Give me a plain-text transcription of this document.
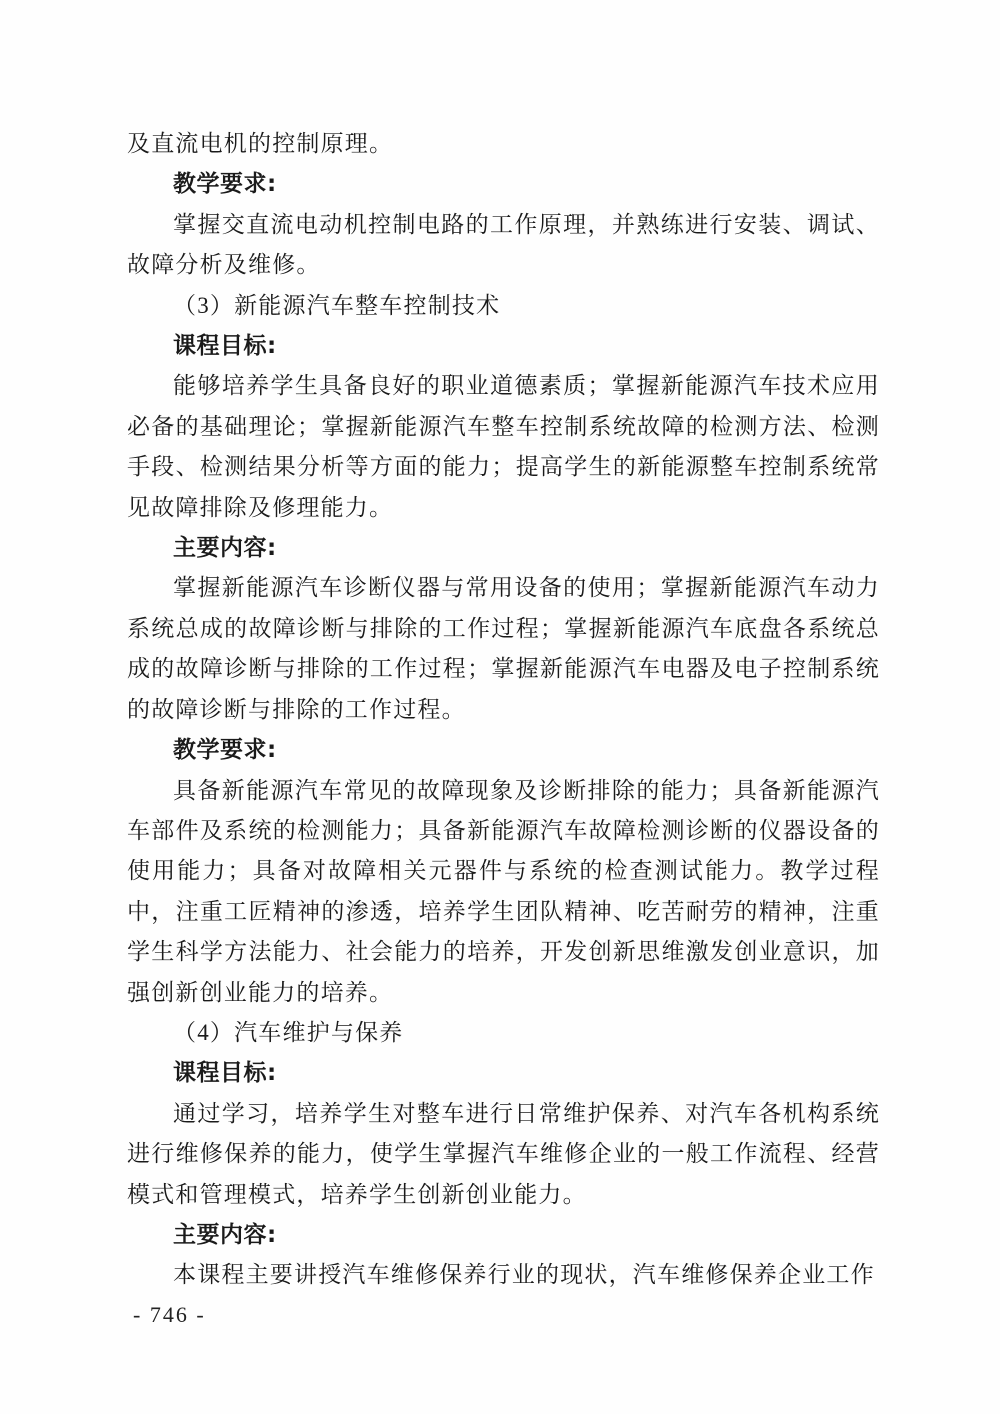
及直流电机的控制原理。

教学要求:

掌握交直流电动机控制电路的工作原理，并熟练进行安装、调试、故障分析及维修。

（3）新能源汽车整车控制技术

课程目标:

能够培养学生具备良好的职业道德素质；掌握新能源汽车技术应用必备的基础理论；掌握新能源汽车整车控制系统故障的检测方法、检测手段、检测结果分析等方面的能力；提高学生的新能源整车控制系统常见故障排除及修理能力。

主要内容:

掌握新能源汽车诊断仪器与常用设备的使用；掌握新能源汽车动力系统总成的故障诊断与排除的工作过程；掌握新能源汽车底盘各系统总成的故障诊断与排除的工作过程；掌握新能源汽车电器及电子控制系统的故障诊断与排除的工作过程。

教学要求:

具备新能源汽车常见的故障现象及诊断排除的能力；具备新能源汽车部件及系统的检测能力；具备新能源汽车故障检测诊断的仪器设备的使用能力；具备对故障相关元器件与系统的检查测试能力。教学过程中，注重工匠精神的渗透，培养学生团队精神、吃苦耐劳的精神，注重学生科学方法能力、社会能力的培养，开发创新思维激发创业意识，加强创新创业能力的培养。

（4）汽车维护与保养

课程目标:

通过学习，培养学生对整车进行日常维护保养、对汽车各机构系统进行维修保养的能力，使学生掌握汽车维修企业的一般工作流程、经营模式和管理模式，培养学生创新创业能力。

主要内容:

本课程主要讲授汽车维修保养行业的现状，汽车维修保养企业工作

- 746 -
